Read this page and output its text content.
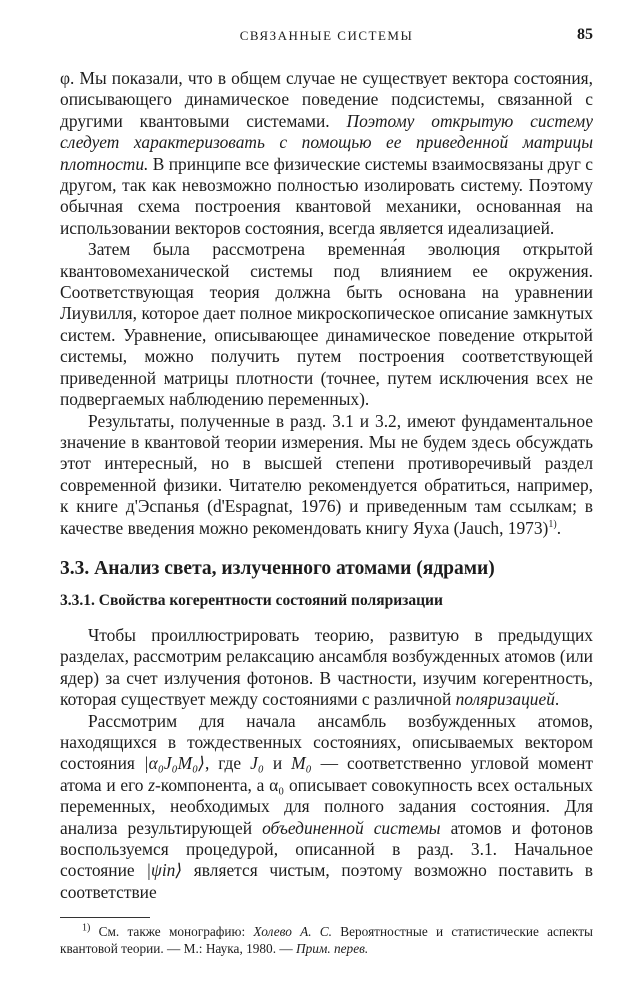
СВЯЗАННЫЕ СИСТЕМЫ	85

φ. Мы показали, что в общем случае не существует вектора состояния, описывающего динамическое поведение подсистемы, связанной с другими квантовыми системами. Поэтому открытую систему следует характеризовать с помощью ее приведенной матрицы плотности. В принципе все физические системы взаимосвязаны друг с другом, так как невозможно полностью изолировать систему. Поэтому обычная схема построения квантовой механики, основанная на использовании векторов состояния, всегда является идеализацией.

Затем была рассмотрена временна́я эволюция открытой квантовомеханической системы под влиянием ее окружения. Соответствующая теория должна быть основана на уравнении Лиувилля, которое дает полное микроскопическое описание замкнутых систем. Уравнение, описывающее динамическое поведение открытой системы, можно получить путем построения соответствующей приведенной матрицы плотности (точнее, путем исключения всех не подвергаемых наблюдению переменных).

Результаты, полученные в разд. 3.1 и 3.2, имеют фундаментальное значение в квантовой теории измерения. Мы не будем здесь обсуждать этот интересный, но в высшей степени противоречивый раздел современной физики. Читателю рекомендуется обратиться, например, к книге д'Эспанья (d'Espagnat, 1976) и приведенным там ссылкам; в качестве введения можно рекомендовать книгу Яуха (Jauch, 1973)$^{1)}$.

3.3. Анализ света, излученного атомами (ядрами)
3.3.1. Свойства когерентности состояний поляризации

Чтобы проиллюстрировать теорию, развитую в предыдущих разделах, рассмотрим релаксацию ансамбля возбужденных атомов (или ядер) за счет излучения фотонов. В частности, изучим когерентность, которая существует между состояниями с различной поляризацией.

Рассмотрим для начала ансамбль возбужденных атомов, находящихся в тождественных состояниях, описываемых вектором состояния |α₀J₀M₀⟩, где J₀ и M₀ — соответственно угловой момент атома и его z-компонента, а α₀ описывает совокупность всех остальных переменных, необходимых для полного задания состояния. Для анализа результирующей объединенной системы атомов и фотонов воспользуемся процедурой, описанной в разд. 3.1. Начальное состояние |ψin⟩ является чистым, поэтому возможно поставить в соответствие

$^{1)}$ См. также монографию: Холево А. С. Вероятностные и статистические аспекты квантовой теории. — М.: Наука, 1980. — Прим. перев.
